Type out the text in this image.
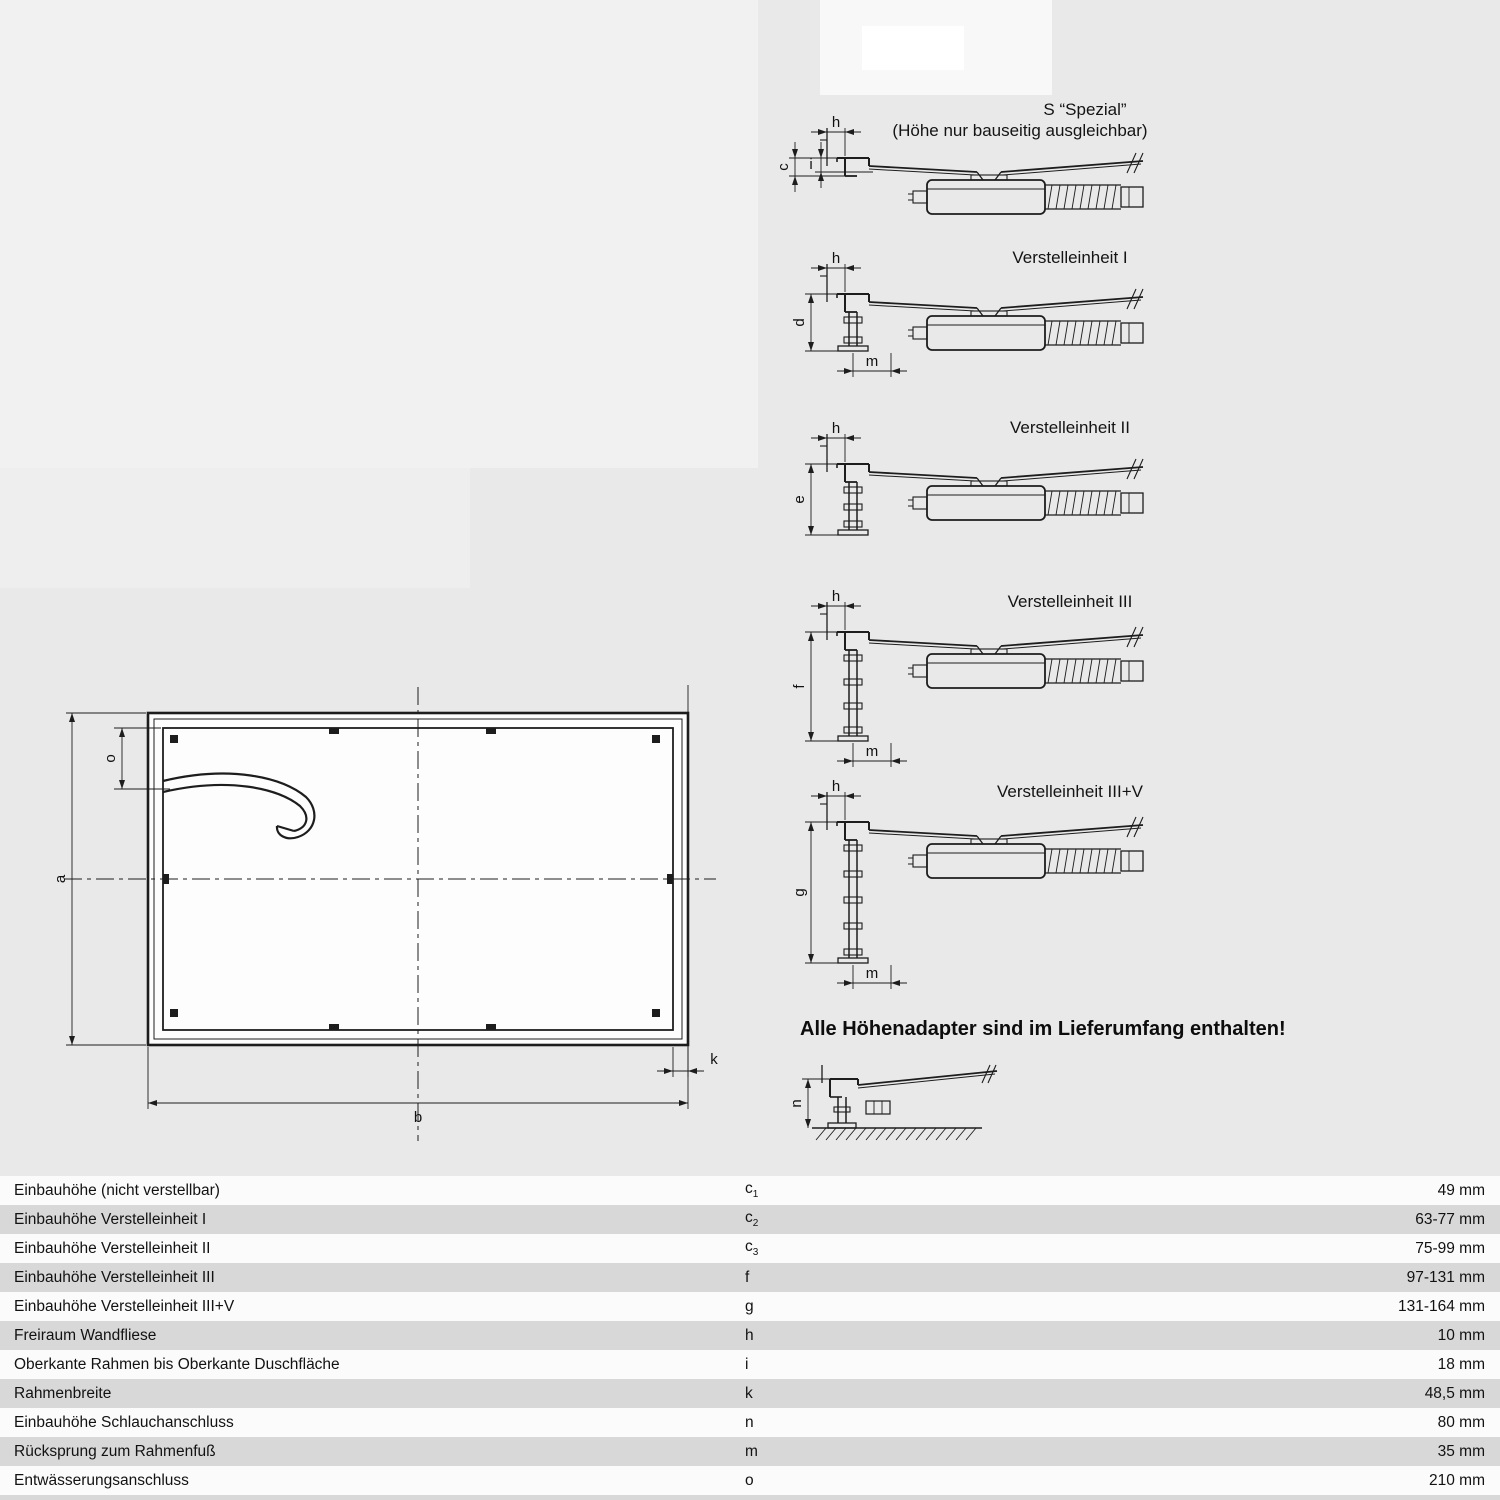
S “Spezial”
(Höhe nur bauseitig ausgleichbar)
h
i
c
Verstelleinheit I
h
d
m
Verstelleinheit II
h
e
Verstelleinheit III
h
f
m
Verstelleinheit III+V
h
g
m
Alle Höhenadapter sind im Lieferumfang enthalten!
n
a
o
b
k
Einbauhöhe (nicht verstellbar)	$c_1$	49 mm
Einbauhöhe Verstelleinheit I	$c_2$	63-77 mm
Einbauhöhe Verstelleinheit II	$c_3$	75-99 mm
Einbauhöhe Verstelleinheit III	f	97-131 mm
Einbauhöhe Verstelleinheit III+V	g	131-164 mm
Freiraum Wandfliese	h	10 mm
Oberkante Rahmen bis Oberkante Duschfläche	i	18 mm
Rahmenbreite	k	48,5 mm
Einbauhöhe Schlauchanschluss	n	80 mm
Rücksprung zum Rahmenfuß	m	35 mm
Entwässerungsanschluss	o	210 mm
